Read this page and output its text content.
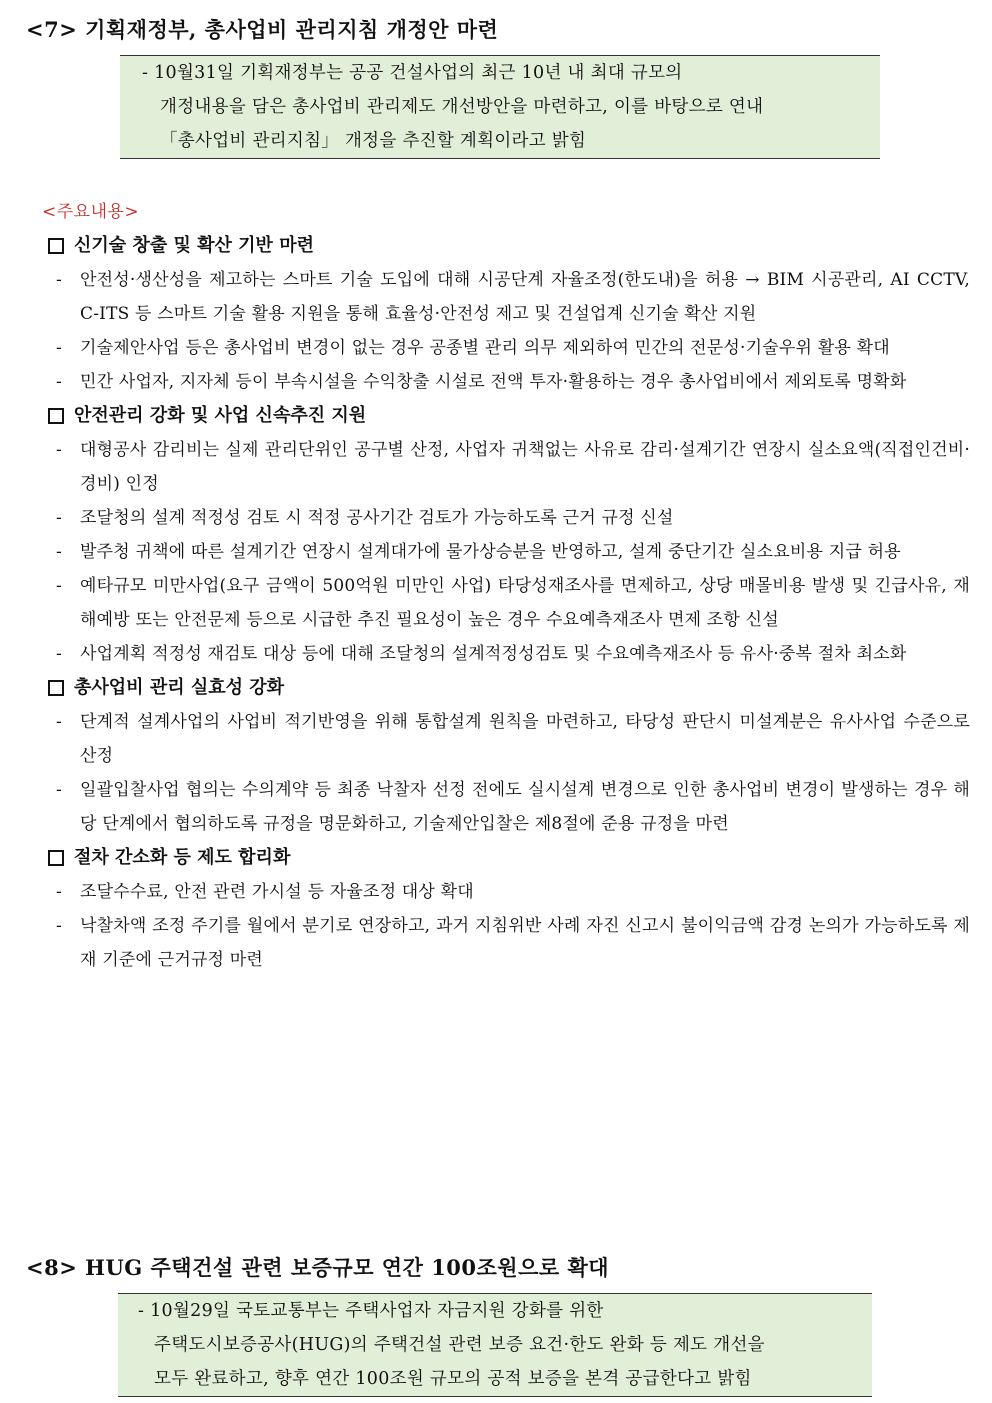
<7> 기획재정부, 총사업비 관리지침 개정안 마련
- 10월31일 기획재정부는 공공 건설사업의 최근 10년 내 최대 규모의
개정내용을 담은 총사업비 관리제도 개선방안을 마련하고, 이를 바탕으로 연내
「총사업비 관리지침」 개정을 추진할 계획이라고 밝힘
<주요내용>
신기술 창출 및 확산 기반 마련
- 안전성·생산성을 제고하는 스마트 기술 도입에 대해 시공단계 자율조정(한도내)을 허용 → BIM 시공관리, AI CCTV, C-ITS 등 스마트 기술 활용 지원을 통해 효율성·안전성 제고 및 건설업계 신기술 확산 지원
- 기술제안사업 등은 총사업비 변경이 없는 경우 공종별 관리 의무 제외하여 민간의 전문성·기술우위 활용 확대
- 민간 사업자, 지자체 등이 부속시설을 수익창출 시설로 전액 투자·활용하는 경우 총사업비에서 제외토록 명확화
안전관리 강화 및 사업 신속추진 지원
- 대형공사 감리비는 실제 관리단위인 공구별 산정, 사업자 귀책없는 사유로 감리·설계기간 연장시 실소요액(직접인건비·경비) 인정
- 조달청의 설계 적정성 검토 시 적정 공사기간 검토가 가능하도록 근거 규정 신설
- 발주청 귀책에 따른 설계기간 연장시 설계대가에 물가상승분을 반영하고, 설계 중단기간 실소요비용 지급 허용
- 예타규모 미만사업(요구 금액이 500억원 미만인 사업) 타당성재조사를 면제하고, 상당 매몰비용 발생 및 긴급사유, 재해예방 또는 안전문제 등으로 시급한 추진 필요성이 높은 경우 수요예측재조사 면제 조항 신설
- 사업계획 적정성 재검토 대상 등에 대해 조달청의 설계적정성검토 및 수요예측재조사 등 유사·중복 절차 최소화
총사업비 관리 실효성 강화
- 단계적 설계사업의 사업비 적기반영을 위해 통합설계 원칙을 마련하고, 타당성 판단시 미설계분은 유사사업 수준으로 산정
- 일괄입찰사업 협의는 수의계약 등 최종 낙찰자 선정 전에도 실시설계 변경으로 인한 총사업비 변경이 발생하는 경우 해당 단계에서 협의하도록 규정을 명문화하고, 기술제안입찰은 제8절에 준용 규정을 마련
절차 간소화 등 제도 합리화
- 조달수수료, 안전 관련 가시설 등 자율조정 대상 확대
- 낙찰차액 조정 주기를 월에서 분기로 연장하고, 과거 지침위반 사례 자진 신고시 불이익금액 감경 논의가 가능하도록 제재 기준에 근거규정 마련
<8> HUG 주택건설 관련 보증규모 연간 100조원으로 확대
- 10월29일 국토교통부는 주택사업자 자금지원 강화를 위한
주택도시보증공사(HUG)의 주택건설 관련 보증 요건·한도 완화 등 제도 개선을
모두 완료하고, 향후 연간 100조원 규모의 공적 보증을 본격 공급한다고 밝힘
